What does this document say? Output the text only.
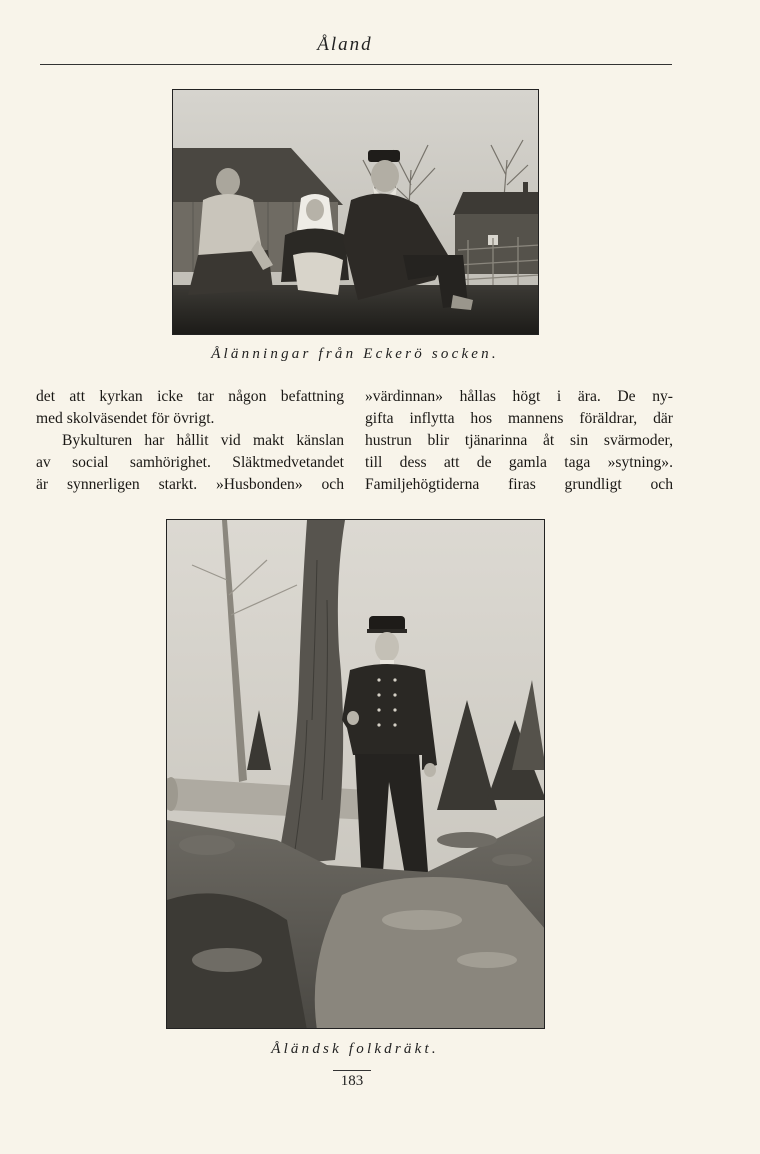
Åland
Ålänningar från Eckerö socken.
det att kyrkan icke tar någon befattning
med skolväsendet för övrigt.
Bykulturen har hållit vid makt känslan
av social samhörighet. Släktmedvetandet
är synnerligen starkt. »Husbonden» och
»värdinnan» hållas högt i ära. De ny-
gifta inflytta hos mannens föräldrar, där
hustrun blir tjänarinna åt sin svärmoder,
till dess att de gamla taga »sytning».
Familjehögtiderna firas grundligt och
Åländsk folkdräkt.
183
